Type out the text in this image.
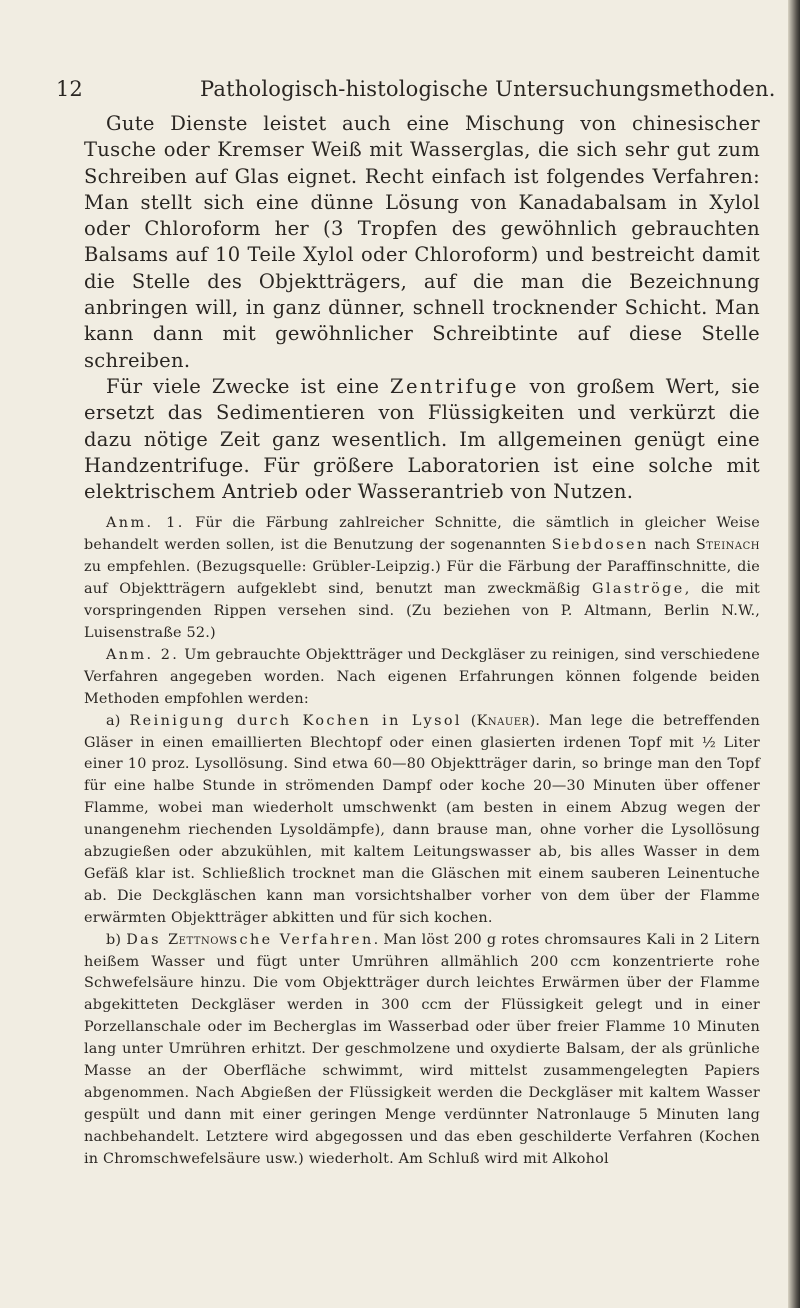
12	Pathologisch-histologische Untersuchungsmethoden.

Gute Dienste leistet auch eine Mischung von chinesischer Tusche oder Kremser Weiß mit Wasserglas, die sich sehr gut zum Schreiben auf Glas eignet. Recht einfach ist folgendes Verfahren: Man stellt sich eine dünne Lösung von Kanadabalsam in Xylol oder Chloroform her (3 Tropfen des gewöhnlich gebrauchten Balsams auf 10 Teile Xylol oder Chloroform) und bestreicht damit die Stelle des Objektträgers, auf die man die Bezeichnung anbringen will, in ganz dünner, schnell trocknender Schicht. Man kann dann mit gewöhnlicher Schreibtinte auf diese Stelle schreiben.

Für viele Zwecke ist eine Zentrifuge von großem Wert, sie ersetzt das Sedimentieren von Flüssigkeiten und verkürzt die dazu nötige Zeit ganz wesentlich. Im allgemeinen genügt eine Handzentrifuge. Für größere Laboratorien ist eine solche mit elektrischem Antrieb oder Wasserantrieb von Nutzen.

Anm. 1. Für die Färbung zahlreicher Schnitte, die sämtlich in gleicher Weise behandelt werden sollen, ist die Benutzung der sogenannten Siebdosen nach Steinach zu empfehlen. (Bezugsquelle: Grübler-Leipzig.) Für die Färbung der Paraffinschnitte, die auf Objektträgern aufgeklebt sind, benutzt man zweckmäßig Glaströge, die mit vorspringenden Rippen versehen sind. (Zu beziehen von P. Altmann, Berlin N.W., Luisenstraße 52.)

Anm. 2. Um gebrauchte Objektträger und Deckgläser zu reinigen, sind verschiedene Verfahren angegeben worden. Nach eigenen Erfahrungen können folgende beiden Methoden empfohlen werden:

a) Reinigung durch Kochen in Lysol (Knauer). Man lege die betreffenden Gläser in einen emaillierten Blechtopf oder einen glasierten irdenen Topf mit ½ Liter einer 10 proz. Lysollösung. Sind etwa 60—80 Objektträger darin, so bringe man den Topf für eine halbe Stunde in strömenden Dampf oder koche 20—30 Minuten über offener Flamme, wobei man wiederholt umschwenkt (am besten in einem Abzug wegen der unangenehm riechenden Lysoldämpfe), dann brause man, ohne vorher die Lysollösung abzugießen oder abzukühlen, mit kaltem Leitungswasser ab, bis alles Wasser in dem Gefäß klar ist. Schließlich trocknet man die Gläschen mit einem sauberen Leinentuche ab. Die Deckgläschen kann man vorsichtshalber vorher von dem über der Flamme erwärmten Objektträger abkitten und für sich kochen.

b) Das Zettnowsche Verfahren. Man löst 200 g rotes chromsaures Kali in 2 Litern heißem Wasser und fügt unter Umrühren allmählich 200 ccm konzentrierte rohe Schwefelsäure hinzu. Die vom Objektträger durch leichtes Erwärmen über der Flamme abgekitteten Deckgläser werden in 300 ccm der Flüssigkeit gelegt und in einer Porzellanschale oder im Becherglas im Wasserbad oder über freier Flamme 10 Minuten lang unter Umrühren erhitzt. Der geschmolzene und oxydierte Balsam, der als grünliche Masse an der Oberfläche schwimmt, wird mittelst zusammengelegten Papiers abgenommen. Nach Abgießen der Flüssigkeit werden die Deckgläser mit kaltem Wasser gespült und dann mit einer geringen Menge verdünnter Natronlauge 5 Minuten lang nachbehandelt. Letztere wird abgegossen und das eben geschilderte Verfahren (Kochen in Chromschwefelsäure usw.) wiederholt. Am Schluß wird mit Alkohol
